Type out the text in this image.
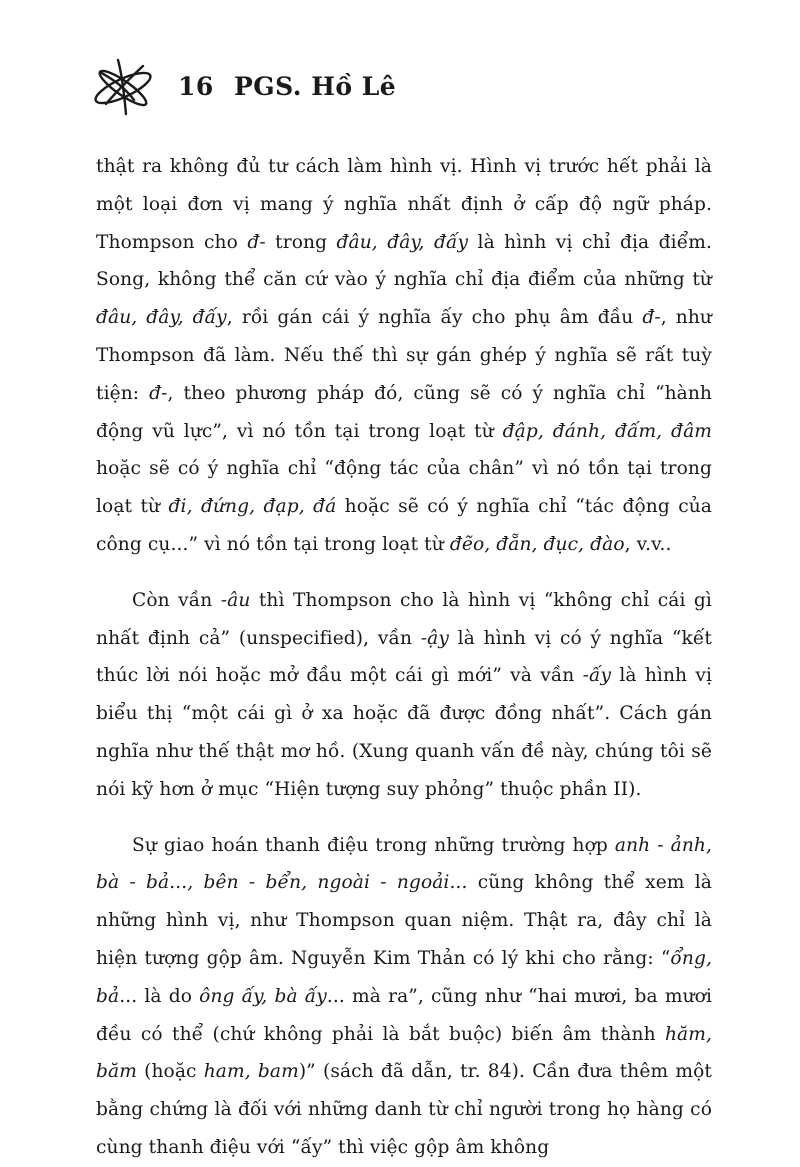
16 PGS. Hồ Lê

thật ra không đủ tư cách làm hình vị. Hình vị trước hết phải là một loại đơn vị mang ý nghĩa nhất định ở cấp độ ngữ pháp. Thompson cho đ- trong đâu, đây, đấy là hình vị chỉ địa điểm. Song, không thể căn cứ vào ý nghĩa chỉ địa điểm của những từ đâu, đây, đấy, rồi gán cái ý nghĩa ấy cho phụ âm đầu đ-, như Thompson đã làm. Nếu thế thì sự gán ghép ý nghĩa sẽ rất tuỳ tiện: đ-, theo phương pháp đó, cũng sẽ có ý nghĩa chỉ “hành động vũ lực”, vì nó tồn tại trong loạt từ đập, đánh, đấm, đâm hoặc sẽ có ý nghĩa chỉ “động tác của chân” vì nó tồn tại trong loạt từ đi, đứng, đạp, đá hoặc sẽ có ý nghĩa chỉ “tác động của công cụ...” vì nó tồn tại trong loạt từ đẽo, đẵn, đục, đào, v.v..

Còn vần -âu thì Thompson cho là hình vị “không chỉ cái gì nhất định cả” (unspecified), vần -ậy là hình vị có ý nghĩa “kết thúc lời nói hoặc mở đầu một cái gì mới” và vần -ấy là hình vị biểu thị “một cái gì ở xa hoặc đã được đồng nhất”. Cách gán nghĩa như thế thật mơ hồ. (Xung quanh vấn đề này, chúng tôi sẽ nói kỹ hơn ở mục “Hiện tượng suy phỏng” thuộc phần II).

Sự giao hoán thanh điệu trong những trường hợp anh - ảnh, bà - bả..., bên - bển, ngoài - ngoải... cũng không thể xem là những hình vị, như Thompson quan niệm. Thật ra, đây chỉ là hiện tượng gộp âm. Nguyễn Kim Thản có lý khi cho rằng: “ổng, bả... là do ông ấy, bà ấy... mà ra”, cũng như “hai mươi, ba mươi đều có thể (chứ không phải là bắt buộc) biến âm thành hăm, băm (hoặc ham, bam)” (sách đã dẫn, tr. 84). Cần đưa thêm một bằng chứng là đối với những danh từ chỉ người trong họ hàng có cùng thanh điệu với “ấy” thì việc gộp âm không
